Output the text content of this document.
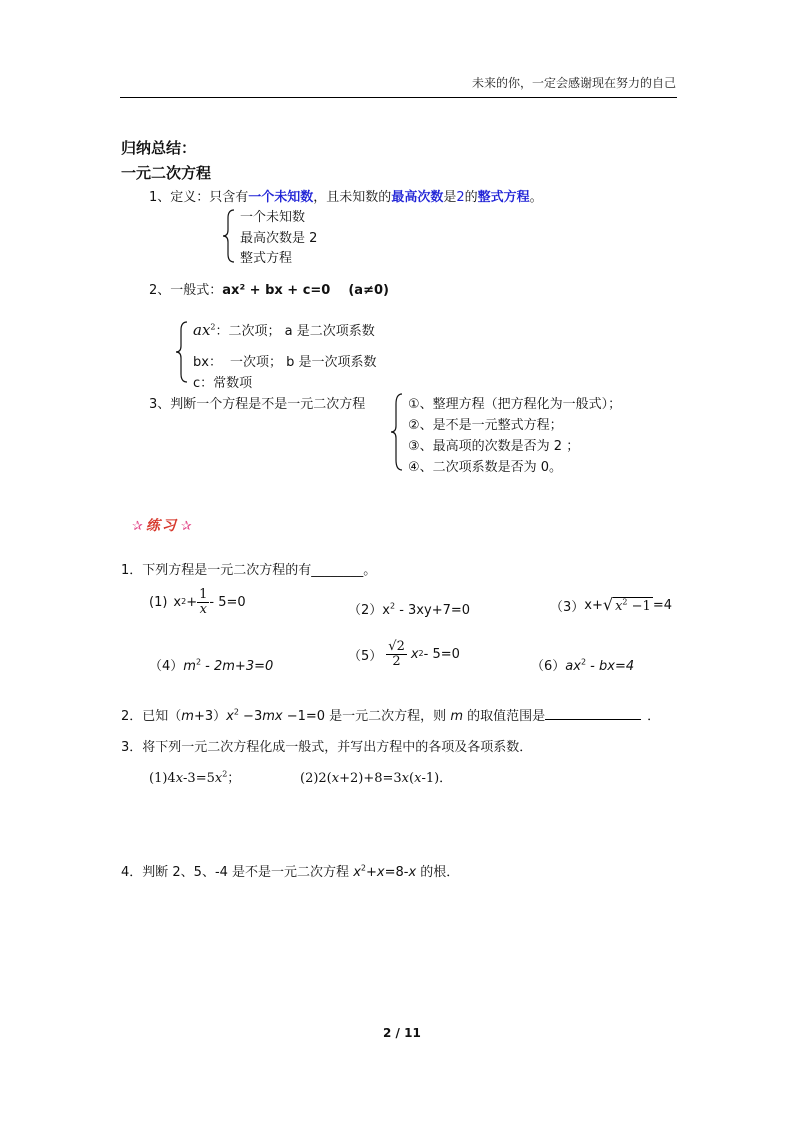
未来的你，一定会感谢现在努力的自己
归纳总结：
一元二次方程
1、定义：只含有一个未知数，且未知数的最高次数是2的整式方程。
一个未知数
最高次数是 2
整式方程
2、一般式：ax² + bx + c=0 (a≠0)
$ax^2$：二次项； a 是二次项系数
bx： 一次项； b 是一次项系数
c：常数项
3、判断一个方程是不是一元二次方程	①、整理方程（把方程化为一般式）；
②、是不是一元整式方程；
③、最高项的次数是否为 2 ；
④、二次项系数是否为 0。
✰ 练习 ✰
1．下列方程是一元二次方程的有________。
(1) x $2 + \frac{1}{x} - 5=0$
$(2)x^2 - 3xy+7=0$	（3） x+ √ $x^2 -1 =4$
$(4)m^2 - 2m+3=0$
$(5) \frac{√2}{2}$ x 2 - 5=0
$(6)ax^2 - bx=4$
2．已知$(m+3)x^2 -3mx -1=0$ 是一元二次方程，则 m 的取值范围是	．
3．将下列一元二次方程化成一般式，并写出方程中的各项及各项系数．
$(1)4x-3=5x^2$；	(2)2(x+2)+8=3x(x-1)．
4．判断 2、5、-4 是不是一元二次方程 $x^2+x=8-x$ 的根．
2 / 11
